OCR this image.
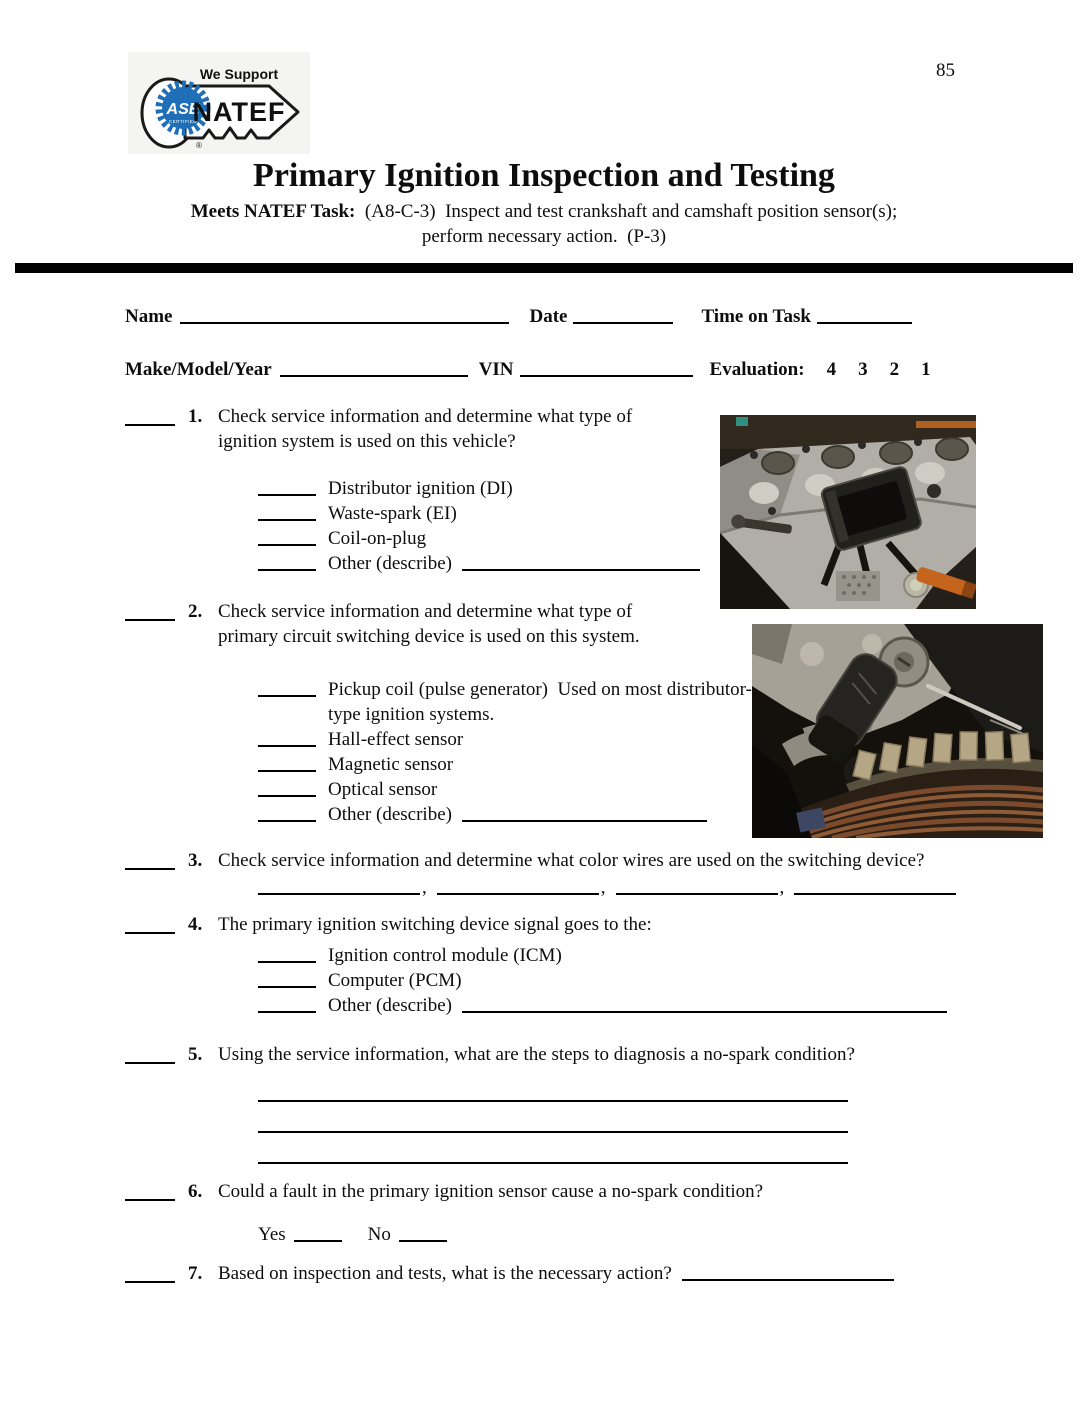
ASE
CERTIFIED
®
We Support
NATEF
85
Primary Ignition Inspection and Testing
Meets NATEF Task:  (A8-C-3)  Inspect and test crankshaft and camshaft position sensor(s);
perform necessary action.  (P-3)
Name	Date	Time on Task
Make/Model/Year	VIN	Evaluation: 4 3 2 1
1. Check service information and determine what type of ignition system is used on this vehicle?
Distributor ignition (DI)
Waste-spark (EI)
Coil-on-plug
Other (describe)
2. Check service information and determine what type of primary circuit switching device is used on this system.
Pickup coil (pulse generator)  Used on most distributor-type ignition systems.
Hall-effect sensor
Magnetic sensor
Optical sensor
Other (describe)
3. Check service information and determine what color wires are used on the switching device?
,	,	,
4. The primary ignition switching device signal goes to the:
Ignition control module (ICM)
Computer (PCM)
Other (describe)
5. Using the service information, what are the steps to diagnosis a no-spark condition?
6. Could a fault in the primary ignition sensor cause a no-spark condition?
Yes	No
7. Based on inspection and tests, what is the necessary action?
